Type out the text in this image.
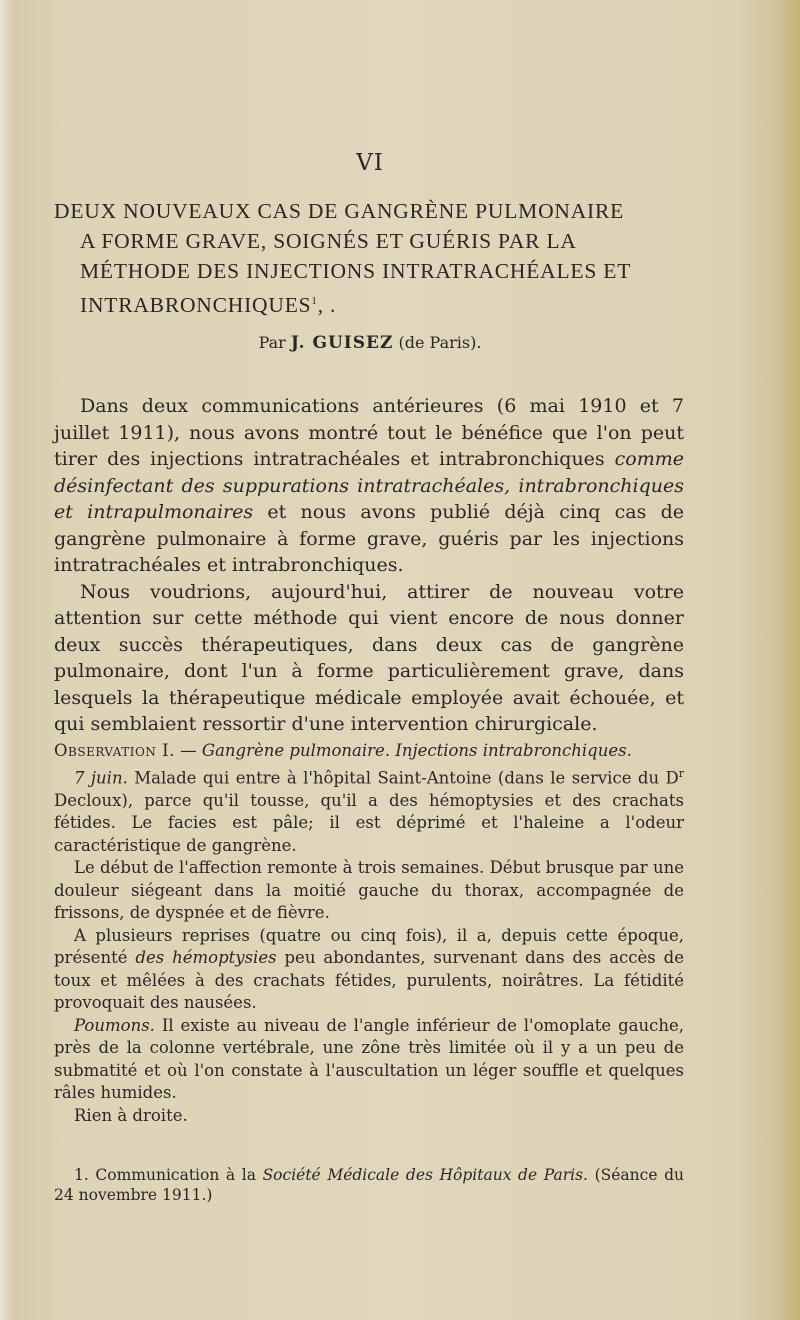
VI
DEUX NOUVEAUX CAS DE GANGRÈNE PULMONAIRE
A FORME GRAVE, SOIGNÉS ET GUÉRIS PAR LA
MÉTHODE DES INJECTIONS INTRATRACHÉALES ET
INTRABRONCHIQUES$^1$, .
Par J. GUISEZ (de Paris).

Dans deux communications antérieures (6 mai 1910 et 7 juillet 1911), nous avons montré tout le bénéfice que l'on peut tirer des injections intratrachéales et intrabronchiques comme désinfectant des suppurations intratrachéales, intrabronchiques et intrapulmonaires et nous avons publié déjà cinq cas de gangrène pulmonaire à forme grave, guéris par les injections intratrachéales et intrabronchiques.

Nous voudrions, aujourd'hui, attirer de nouveau votre attention sur cette méthode qui vient encore de nous donner deux succès thérapeutiques, dans deux cas de gangrène pulmonaire, dont l'un à forme particulièrement grave, dans lesquels la thérapeutique médicale employée avait échouée, et qui semblaient ressortir d'une intervention chirurgicale.

Observation I. — Gangrène pulmonaire. Injections intrabronchiques.

7 juin. Malade qui entre à l'hôpital Saint-Antoine (dans le service du $D^r$ Decloux), parce qu'il tousse, qu'il a des hémoptysies et des crachats fétides. Le facies est pâle; il est déprimé et l'haleine a l'odeur caractéristique de gangrène.

Le début de l'affection remonte à trois semaines. Début brusque par une douleur siégeant dans la moitié gauche du thorax, accompagnée de frissons, de dyspnée et de fièvre.

A plusieurs reprises (quatre ou cinq fois), il a, depuis cette époque, présenté des hémoptysies peu abondantes, survenant dans des accès de toux et mêlées à des crachats fétides, purulents, noirâtres. La fétidité provoquait des nausées.

Poumons. Il existe au niveau de l'angle inférieur de l'omoplate gauche, près de la colonne vertébrale, une zône très limitée où il y a un peu de submatité et où l'on constate à l'auscultation un léger souffle et quelques râles humides.

Rien à droite.

1. Communication à la Société Médicale des Hôpitaux de Paris. (Séance du 24 novembre 1911.)
